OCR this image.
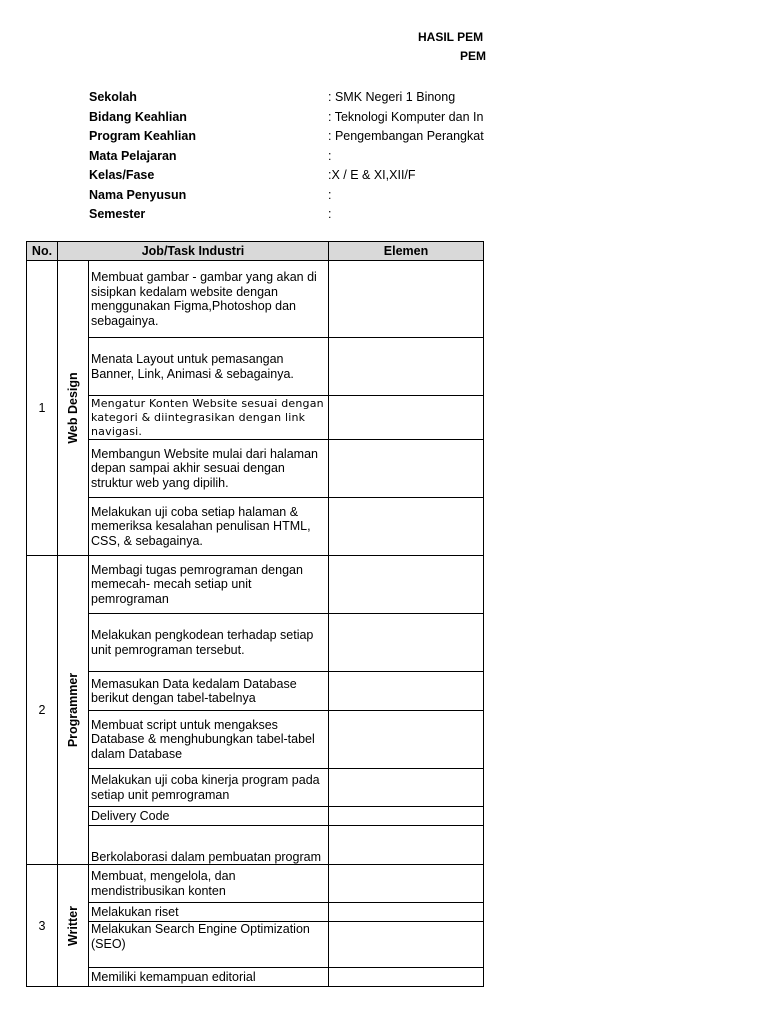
HASIL PEM
PEM
Sekolah	: SMK Negeri 1 Binong
Bidang Keahlian	: Teknologi Komputer dan In
Program Keahlian	: Pengembangan Perangkat
Mata Pelajaran	:
Kelas/Fase	:X / E & XI,XII/F
Nama Penyusun	:
Semester	:
No.	Job/Task Industri		Elemen
1	Web Design	Membuat gambar - gambar yang akan di sisipkan kedalam website dengan menggunakan Figma,Photoshop dan sebagainya.	
		Menata Layout untuk pemasangan Banner, Link, Animasi & sebagainya.	
		Mengatur Konten Website sesuai dengan kategori & diintegrasikan dengan link navigasi.	
		Membangun Website mulai dari halaman depan sampai akhir sesuai dengan struktur web yang dipilih.	
		Melakukan uji coba setiap halaman & memeriksa kesalahan penulisan HTML, CSS, & sebagainya.	
2	Programmer	Membagi tugas pemrograman dengan memecah- mecah setiap unit pemrograman	
		Melakukan pengkodean terhadap setiap unit pemrograman tersebut.	
		Memasukan Data kedalam Database berikut dengan tabel-tabelnya	
		Membuat script untuk mengakses Database & menghubungkan tabel-tabel dalam Database	
		Melakukan uji coba kinerja program pada setiap unit pemrograman	
		Delivery Code	
		Berkolaborasi dalam pembuatan program	
3	Writter	Membuat, mengelola, dan mendistribusikan konten	
		Melakukan riset	
		Melakukan Search Engine Optimization (SEO)	
		Memiliki kemampuan editorial	
